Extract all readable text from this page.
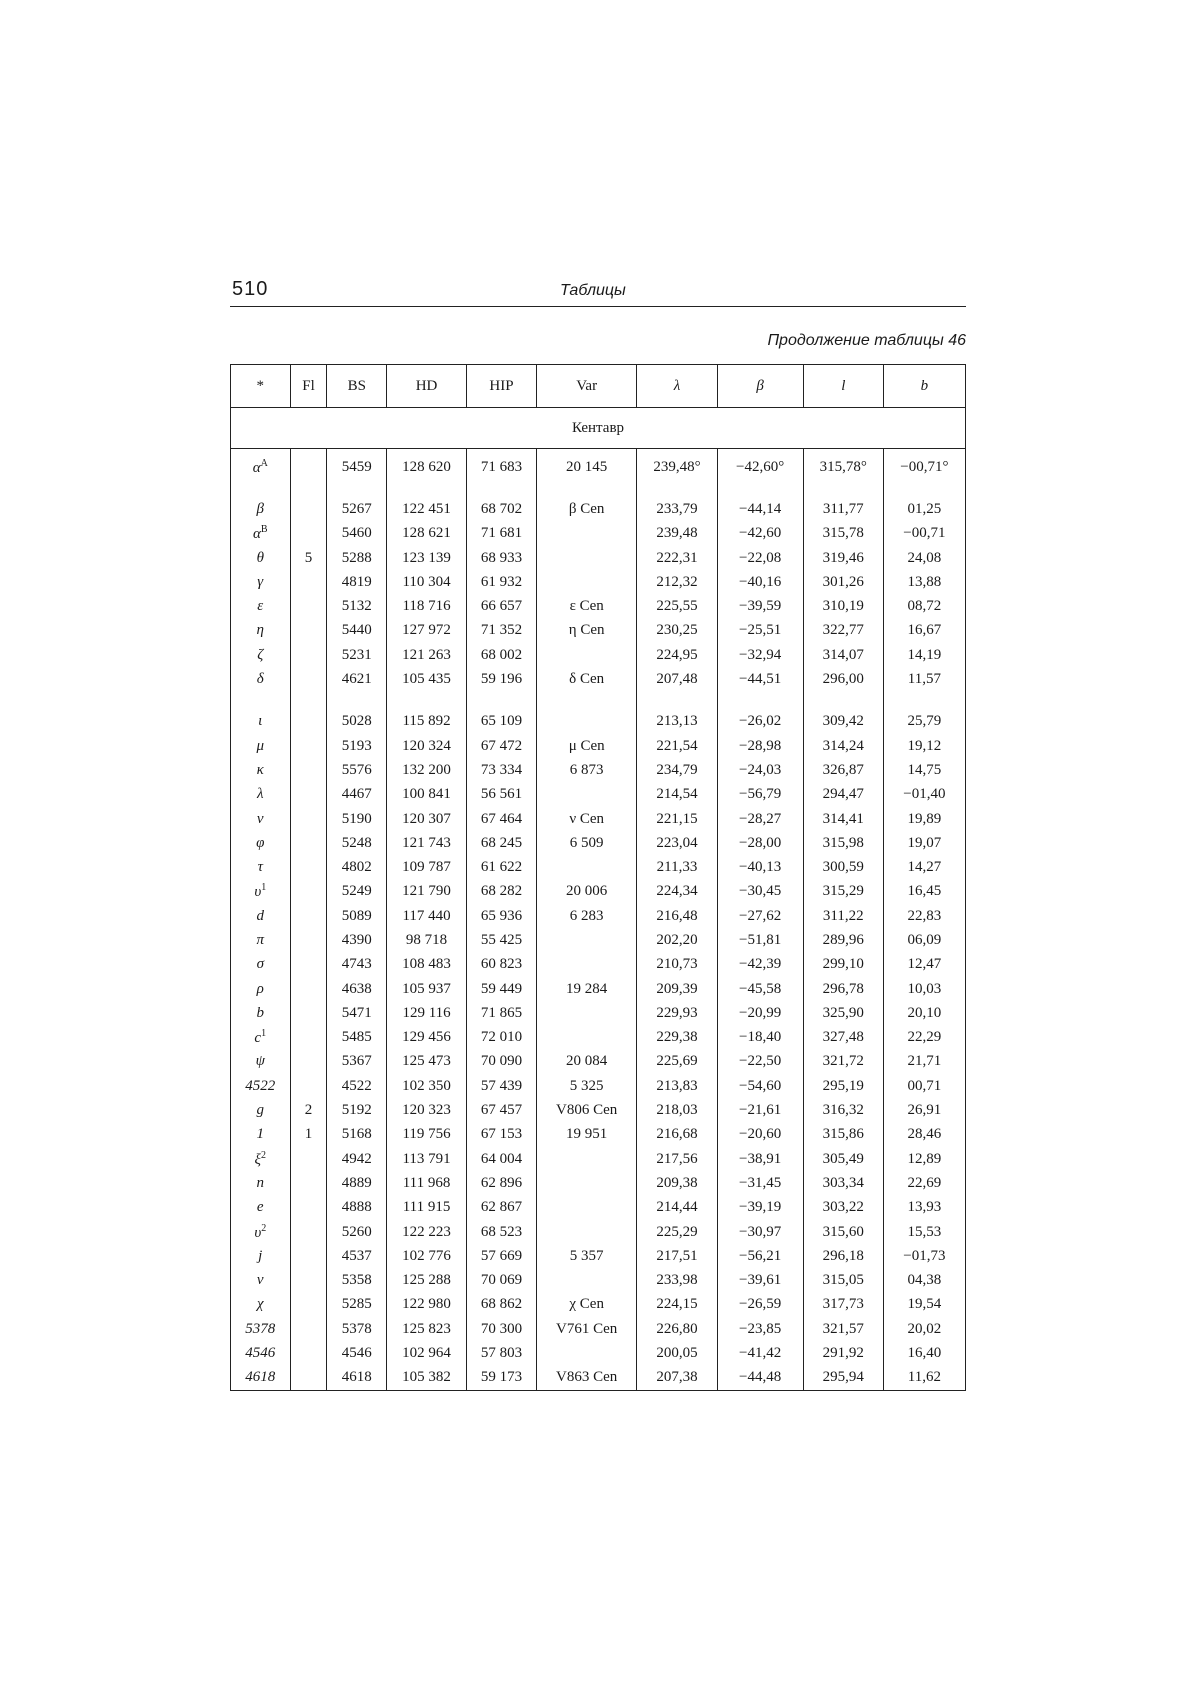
510	Таблицы
Продолжение таблицы 46
*	Fl	BS	HD	HIP	Var	λ	β	l	b
Кентавр									

$\alpha^A$		5459	128 620	71 683	20 145	239,48°	−42,60°	315,78°	−00,71°

β		5267	122 451	68 702	β Cen	233,79	−44,14	311,77	01,25
$\alpha^B$		5460	128 621	71 681		239,48	−42,60	315,78	−00,71
θ	5	5288	123 139	68 933		222,31	−22,08	319,46	24,08
γ		4819	110 304	61 932		212,32	−40,16	301,26	13,88
ε		5132	118 716	66 657	ε Cen	225,55	−39,59	310,19	08,72
η		5440	127 972	71 352	η Cen	230,25	−25,51	322,77	16,67
ζ		5231	121 263	68 002		224,95	−32,94	314,07	14,19
δ		4621	105 435	59 196	δ Cen	207,48	−44,51	296,00	11,57

ι		5028	115 892	65 109		213,13	−26,02	309,42	25,79
μ		5193	120 324	67 472	μ Cen	221,54	−28,98	314,24	19,12
κ		5576	132 200	73 334	6 873	234,79	−24,03	326,87	14,75
λ		4467	100 841	56 561		214,54	−56,79	294,47	−01,40
ν		5190	120 307	67 464	ν Cen	221,15	−28,27	314,41	19,89
φ		5248	121 743	68 245	6 509	223,04	−28,00	315,98	19,07
τ		4802	109 787	61 622		211,33	−40,13	300,59	14,27
$\upsilon^1$		5249	121 790	68 282	20 006	224,34	−30,45	315,29	16,45
d		5089	117 440	65 936	6 283	216,48	−27,62	311,22	22,83
π		4390	98 718	55 425		202,20	−51,81	289,96	06,09
σ		4743	108 483	60 823		210,73	−42,39	299,10	12,47
ρ		4638	105 937	59 449	19 284	209,39	−45,58	296,78	10,03
b		5471	129 116	71 865		229,93	−20,99	325,90	20,10
$c^1$		5485	129 456	72 010		229,38	−18,40	327,48	22,29
ψ		5367	125 473	70 090	20 084	225,69	−22,50	321,72	21,71
4522		4522	102 350	57 439	5 325	213,83	−54,60	295,19	00,71
g	2	5192	120 323	67 457	V806 Cen	218,03	−21,61	316,32	26,91
1	1	5168	119 756	67 153	19 951	216,68	−20,60	315,86	28,46
$\xi^2$		4942	113 791	64 004		217,56	−38,91	305,49	12,89
n		4889	111 968	62 896		209,38	−31,45	303,34	22,69
e		4888	111 915	62 867		214,44	−39,19	303,22	13,93
$\upsilon^2$		5260	122 223	68 523		225,29	−30,97	315,60	15,53
j		4537	102 776	57 669	5 357	217,51	−56,21	296,18	−01,73
v		5358	125 288	70 069		233,98	−39,61	315,05	04,38
χ		5285	122 980	68 862	χ Cen	224,15	−26,59	317,73	19,54
5378		5378	125 823	70 300	V761 Cen	226,80	−23,85	321,57	20,02
4546		4546	102 964	57 803		200,05	−41,42	291,92	16,40
4618		4618	105 382	59 173	V863 Cen	207,38	−44,48	295,94	11,62
